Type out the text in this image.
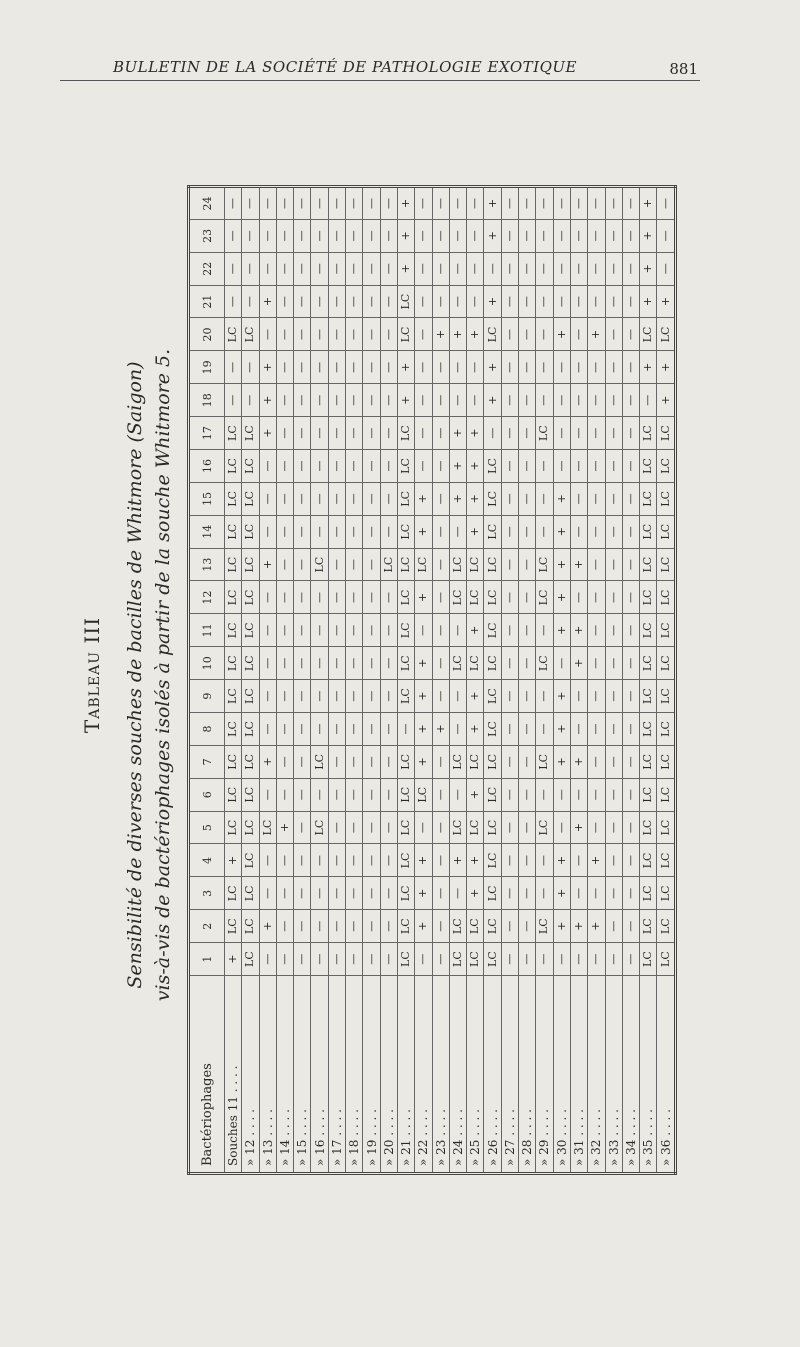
BULLETIN DE LA SOCIÉTÉ DE PATHOLOGIE EXOTIQUE	881
Tableau III Sensibilité de diverses souches de bacilles de Whitmore (Saigon) vis-à-vis de bactériophages isolés à partir de la souche Whitmore 5.
Bactériophages	1	2	3	4	5	6	7	8	9	10	11	12	13	14	15	16	17	18	19	20	21	22	23	24
Souches 11 . . . .	+	LC	LC	+	LC	LC	LC	LC	LC	LC	LC	LC	LC	LC	LC	LC	LC	—	—	LC	—	—	—	—
» 12 . . . .	LC	LC	LC	LC	LC	LC	LC	LC	LC	LC	LC	LC	LC	LC	LC	LC	LC	—	—	LC	—	—	—	—
» 13 . . . .	—	+	—	—	LC	—	+	—	—	—	—	—	+	—	—	—	+	+	+	—	+	—	—	—
» 14 . . . .	—	—	—	—	+	—	—	—	—	—	—	—	—	—	—	—	—	—	—	—	—	—	—	—
» 15 . . . .	—	—	—	—	—	—	—	—	—	—	—	—	—	—	—	—	—	—	—	—	—	—	—	—
» 16 . . . .	—	—	—	—	LC	—	LC	—	—	—	—	—	LC	—	—	—	—	—	—	—	—	—	—	—
» 17 . . . .	—	—	—	—	—	—	—	—	—	—	—	—	—	—	—	—	—	—	—	—	—	—	—	—
» 18 . . . .	—	—	—	—	—	—	—	—	—	—	—	—	—	—	—	—	—	—	—	—	—	—	—	—
» 19 . . . .	—	—	—	—	—	—	—	—	—	—	—	—	—	—	—	—	—	—	—	—	—	—	—	—
» 20 . . . .	—	—	—	—	—	—	—	—	—	—	—	—	LC	—	—	—	—	—	—	—	—	—	—	—
» 21 . . . .	LC	LC	LC	LC	LC	LC	LC	—	LC	LC	LC	LC	LC	LC	LC	LC	LC	+	+	LC	LC	+	+	+
» 22 . . . .	—	+	+	+	—	LC	+	+	+	+	—	+	LC	+	+	—	—	—	—	—	—	—	—	—
» 23 . . . .	—	—	—	—	—	—	—	+	—	—	—	—	—	—	—	—	—	—	—	+	—	—	—	—
» 24 . . . .	LC	LC	—	+	LC	—	LC	—	—	LC	—	LC	LC	—	+	+	+	—	—	+	—	—	—	—
» 25 . . . .	LC	LC	+	+	LC	+	LC	+	+	LC	+	LC	LC	+	+	+	+	—	—	+	—	—	—	—
» 26 . . . .	LC	LC	LC	LC	LC	LC	LC	LC	LC	LC	LC	LC	LC	LC	LC	LC	—	+	+	LC	+	—	+	+
» 27 . . . .	—	—	—	—	—	—	—	—	—	—	—	—	—	—	—	—	—	—	—	—	—	—	—	—
» 28 . . . .	—	—	—	—	—	—	—	—	—	—	—	—	—	—	—	—	—	—	—	—	—	—	—	—
» 29 . . . .	—	LC	—	—	LC	—	LC	—	—	LC	—	LC	LC	—	—	—	LC	—	—	—	—	—	—	—
» 30 . . . .	—	+	+	+	—	—	+	+	+	—	+	+	+	+	+	—	—	—	—	+	—	—	—	—
» 31 . . . .	—	+	—	—	+	—	+	—	—	+	+	—	+	—	—	—	—	—	—	—	—	—	—	—
» 32 . . . .	—	+	—	+	—	—	—	—	—	—	—	—	—	—	—	—	—	—	—	+	—	—	—	—
» 33 . . . .	—	—	—	—	—	—	—	—	—	—	—	—	—	—	—	—	—	—	—	—	—	—	—	—
» 34 . . . .	—	—	—	—	—	—	—	—	—	—	—	—	—	—	—	—	—	—	—	—	—	—	—	—
» 35 . . . .	LC	LC	LC	LC	LC	LC	LC	LC	LC	LC	LC	LC	LC	LC	LC	LC	LC	—	+	LC	+	+	+	+
» 36 . . . .	LC	LC	LC	LC	LC	LC	LC	LC	LC	LC	LC	LC	LC	LC	LC	LC	LC	+	+	LC	+	—	—	—
